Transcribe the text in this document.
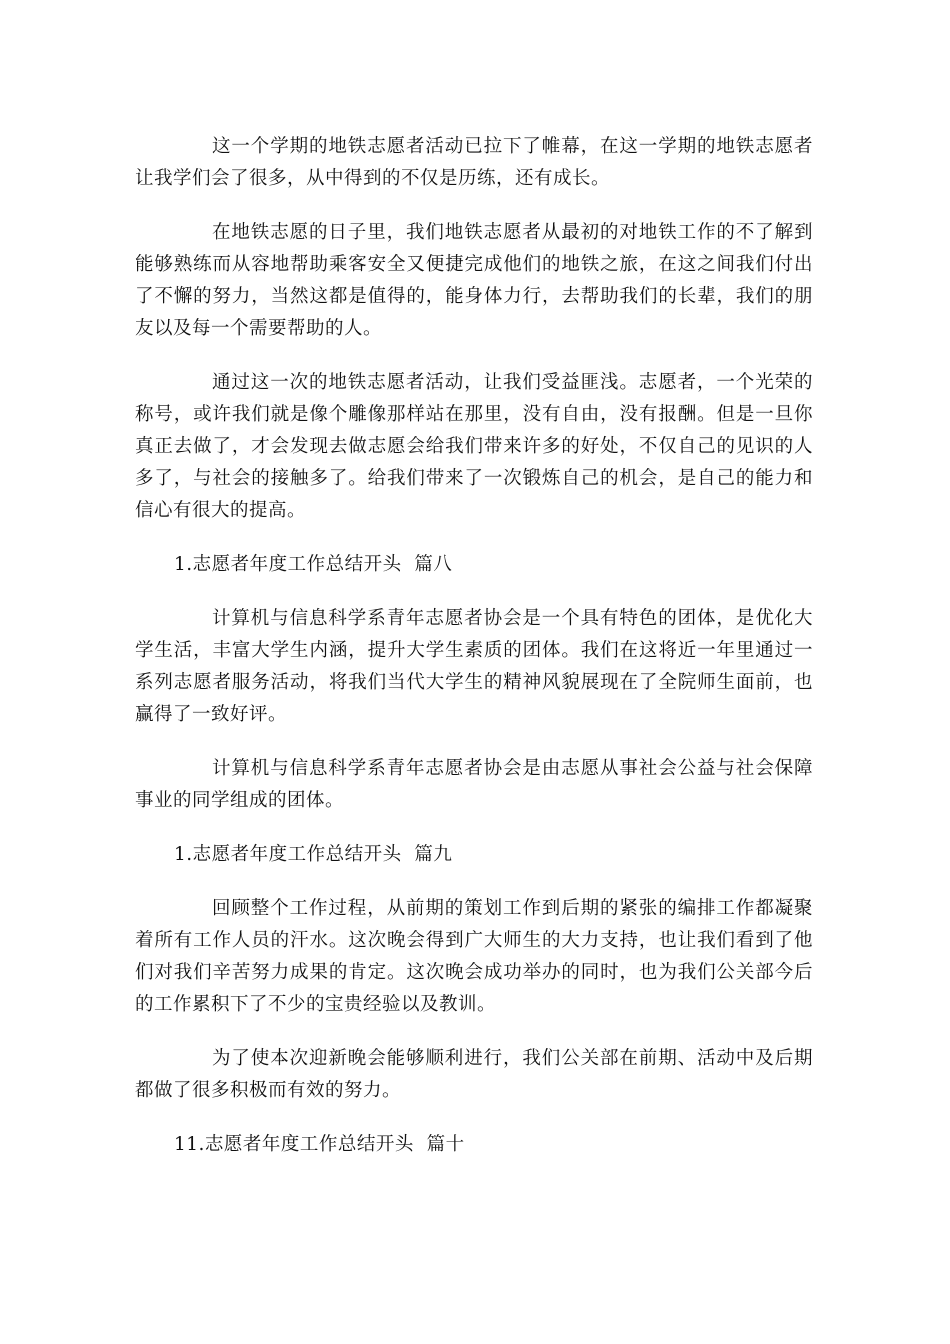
这一个学期的地铁志愿者活动已拉下了帷幕，在这一学期的地铁志愿者让我学们会了很多，从中得到的不仅是历练，还有成长。

在地铁志愿的日子里，我们地铁志愿者从最初的对地铁工作的不了解到能够熟练而从容地帮助乘客安全又便捷完成他们的地铁之旅，在这之间我们付出了不懈的努力，当然这都是值得的，能身体力行，去帮助我们的长辈，我们的朋友以及每一个需要帮助的人。

通过这一次的地铁志愿者活动，让我们受益匪浅。志愿者，一个光荣的称号，或许我们就是像个雕像那样站在那里，没有自由，没有报酬。但是一旦你真正去做了，才会发现去做志愿会给我们带来许多的好处，不仅自己的见识的人多了，与社会的接触多了。给我们带来了一次锻炼自己的机会，是自己的能力和信心有很大的提高。

1.志愿者年度工作总结开头  篇八

计算机与信息科学系青年志愿者协会是一个具有特色的团体，是优化大学生活，丰富大学生内涵，提升大学生素质的团体。我们在这将近一年里通过一系列志愿者服务活动，将我们当代大学生的精神风貌展现在了全院师生面前，也赢得了一致好评。

计算机与信息科学系青年志愿者协会是由志愿从事社会公益与社会保障事业的同学组成的团体。

1.志愿者年度工作总结开头  篇九

回顾整个工作过程，从前期的策划工作到后期的紧张的编排工作都凝聚着所有工作人员的汗水。这次晚会得到广大师生的大力支持，也让我们看到了他们对我们辛苦努力成果的肯定。这次晚会成功举办的同时，也为我们公关部今后的工作累积下了不少的宝贵经验以及教训。

为了使本次迎新晚会能够顺利进行，我们公关部在前期、活动中及后期都做了很多积极而有效的努力。

11.志愿者年度工作总结开头  篇十
